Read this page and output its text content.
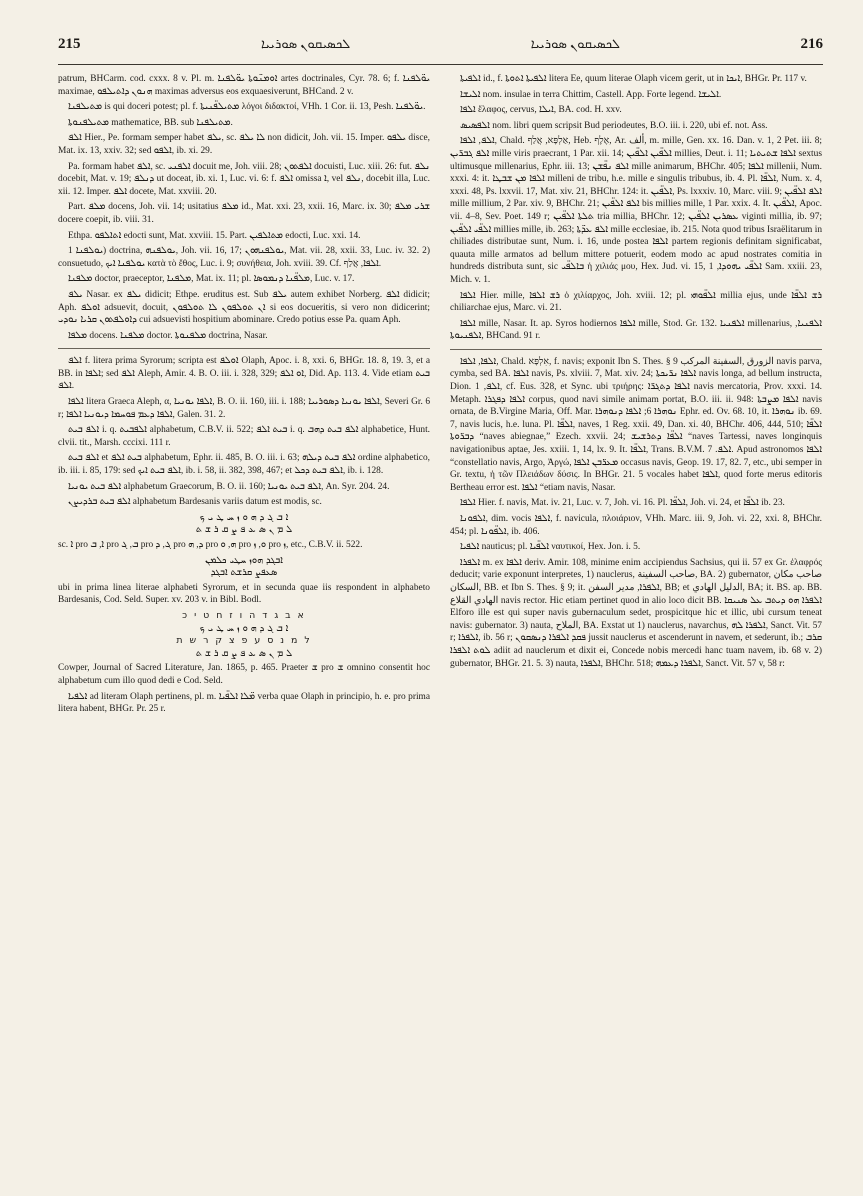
215	ܠܟܣܝܩܘܢ ܣܘܪܝܝܐ	ܠܟܣܝܩܘܢ ܣܘܪܝܝܐ	216

patrum, BHCarm. cod. cxxx. 8 v. Pl. m. ܐܘܡܢ̈ܘܬܐ ܝܘ̈ܠܦܢܐ artes doctrinales, Cyr. 78. 6; f. ܝܘ̈ܠܦܢܐ maximae, ܗܢܘܢ ܕܐܬܝܠܦܘ maximas adversus eos exquaesiverunt, BHCand. 2 v.

ܡܬܝܠܦܢܐ is qui doceri potest; pl. f. ܡܬܝܠܦ̈ܢܝܬܐ λόγοι διδακτοί, VHh. 1 Cor. ii. 13, Pesh. ܝܘ̈ܠܦܢܐ.

ܡܬܝܠܦܢܘܬܐ mathematice, BB. sub ܡܬܝܠܦܢܐ.

ܐܠܦ Hier., Pe. formam semper habet ܝܠܦ, sc. ܠܐ ܝܠܦ non didicit, Joh. vii. 15. Imper. ܝܠܦܘ disce, Mat. ix. 13, xxiv. 32; sed ܐܠܦܘ, ib. xi. 29.

Pa. formam habet ܐܠܦ, sc. ܐܠܦܢܝ docuit me, Joh. viii. 28; ܐܠܦܬܘܢ docuisti, Luc. xiii. 26: fut. ܢܠܦ docebit, Mat. v. 19; ܕܢܠܦ ut doceat, ib. xi. 1, Luc. vi. 6: f. ܐܠܦ omissa ܐ, vel ܢܠܦ, docebit illa, Luc. xii. 12. Imper. ܐܠܦ docete, Mat. xxviii. 20.

Part. ܡܠܦ docens, Joh. vii. 14; usitatius ܡܠܦ id., Mat. xxi. 23, xxii. 16, Marc. ix. 30; ܫܪܝ ܡܠܦ docere coepit, ib. viii. 31.

Ethpa. ܐܬܐܠܦܘ edocti sunt, Mat. xxviii. 15. Part. ܡܬܐܠܦܝܢ edocti, Luc. xxi. 14.

ܝܘܠܦܢܐ 1) doctrina, ܝܘܠܦܢܗ, Joh. vii. 16, 17; ܝܘܠܦܢܗܘܢ, Mat. vii. 28, xxii. 33, Luc. iv. 32. 2) consuetudo, ܝܘܠܦܢܐ ܐܝܟ κατὰ τὸ ἔθος, Luc. i. 9; συνήθεια, Joh. xviii. 39. Cf. ܐܠܦܐ, אֲלַף.

ܡܠܦܢܐ doctor, praeceptor, ܡܠܦܢܐ, Mat. ix. 11; pl. ܡܠܦ̈ܢܐ ܕܢܡܘܣܐ, Luc. v. 17.

ܝܠܦ Nasar. ex ܝܠܦ didicit; Ethpe. eruditus est. Sub ܝܠܦ autem exhibet Norberg. ܐܠܦ didicit; Aph. ܐܘܠܦ adsuevit, docuit, ܐܢ ܬܘܠܦܘܢ ܠܐ ܬܘܠܦܘܢ si eos docueritis, si vero non didicerint; ܕܐܘܠܦܬܘܢ ܩܪܝܐ ܢܘܕܝ cui adsuevisti hospitium abominare. Credo potius esse Pa. quam Aph.

ܡܠܦܐ docens. ܡܠܦܢܐ doctor. ܡܠܦܢܘܬܐ doctrina, Nasar.

ܐܠܦ f. litera prima Syrorum; scripta est ܐܘܠܦ Olaph, Apoc. i. 8, xxi. 6, BHGr. 18. 8, 19. 3, et a BB. in ܐܠܦܐ; sed ܐܠܦ Aleph, Amir. 4. B. O. iii. i. 328, 329; ܐܘ ܐܠܦ, Did. Ap. 113. 4. Vide etiam ܒܝܬ ܐܠܦ.

ܐܠܦܐ litera Graeca Aleph, α, ܐܠܦܐ ܝܘܢܝܐ, B. O. ii. 160, iii. i. 188; ܐܠܦܐ ܝܘܢܝܐ ܕܣܘܪܝܝܐ, Severi Gr. 6 r; ܐܠܦܐ ܕܥܡ ܦܘܚܡܐ ܕܝܘܢܝܐ ܐܠܦܐ, Galen. 31. 2.

ܐܠܦ ܒܝܬ i. q. ܐܠܦܒܝܬ alphabetum, C.B.V. ii. 522; ܒܝܬ ܐܠܦ i. q. ܐܠܦ ܒܝܬ ܕܗܒ alphabetice, Hunt. clvii. tit., Marsh. cccixi. 111 r.

ܐܠܦ ܒܝܬ et ܒܝܬ ܐܠܦ alphabetum, Ephr. ii. 485, B. O. iii. i. 63; ܐܠܦ ܒܝܬ ܕܝܠܗ ordine alphabetico, ib. iii. i. 85, 179: sed ܐܠܦ ܒܝܬ ܐܝܟ, ib. i. 58, ii. 382, 398, 467; et ܐܠܦ ܒܝܬ ܕܟܠ, ib. i. 128.

ܐܠܦ ܒܝܬ ܝܘܢܝܐ alphabetum Graecorum, B. O. ii. 160; ܐܠܦ ܒܝܬ ܝܘܢܝܐ, An. Syr. 204. 24.

ܐܠܦ ܒܝܬ ܒܪܕܝܨܢ alphabetum Bardesanis variis datum est modis, sc.

ܐ ܒ ܓ ܕ ܗ ܘ ܙ ܚ ܛ ܝ ܟ
ܠ ܡ ܢ ܣ ܥ ܦ ܨ ܩ ܪ ܫ ܬ

sc. ܐ pro ܐ, ܒ pro ܒ, ܓ pro ܓ, ܕ pro ܕ, ܗ pro ܗ, ܘ pro ܘ, ܙ pro ܙ, etc., C.B.V. ii. 522.

ܐܒܓܕ ܗܘܙ ܚܛܝ ܟܠܡܢ
ܣܥܦܨ ܩܪܫܬ ܐܒܓܕ

ubi in prima linea literae alphabeti Syrorum, et in secunda quae iis respondent in alphabeto Bardesanis, Cod. Seld. Super. xv. 203 v. in Bibl. Bodl.

א ב ג ד ה ו ז ח ט י כ
ܐ ܒ ܓ ܕ ܗ ܘ ܙ ܚ ܛ ܝ ܟ
ל מ נ ס ע פ צ ק ר ש ת
ܠ ܡ ܢ ܣ ܥ ܦ ܨ ܩ ܪ ܫ ܬ

Cowper, Journal of Sacred Literature, Jan. 1865, p. 465. Praeter ܫ pro ܫ omnino consentit hoc alphabetum cum illo quod dedi e Cod. Seld.

ܐܠܦܝܐ ad literam Olaph pertinens, pl. m. ܡ̈ܠܐ ܐܠܦ̈ܝܐ verba quae Olaph in principio, h. e. pro prima litera habent, BHGr. Pr. 25 r.

ܐܠܦܝܬܐ id., f. ܐܠܦܝܬܐ ܐܬܘܬܐ litera Ee, quum literae Olaph vicem gerit, ut in ܐܝܟܐ, BHGr. Pr. 117 v.

ܐܠܝܫܐ nom. insulae in terra Chittim, Castell. App. Forte legend. ܐܠܝܫܐ.

ܐܠܦܐ ἔλαφος, cervus, ܐܝܠܐ, BA. cod. H. xxv.

ܐܠܦܣܝܣ nom. libri quem scripsit Bud periodeutes, B.O. iii. i. 220, ubi ef. not. Ass.

ܐܠܦ, ܐܠܦܐ, Chald. אַלְפָּא, אֲלַף, Heb. אֶלֶף, Ar. ألف, m. mille, Gen. xx. 16. Dan. v. 1, 2 Pet. iii. 8; ܐܠܦ ܓܒܪ̈ܝܢ mille viris praecrant, 1 Par. xii. 14; ܐܠܦ̈ܝܢ ܐܠܦ̈ܝܢ millies, Deut. i. 11; ܐܠܦܐ ܫܬܝܬܝܐ sextus ultimusque millenarius, Ephr. iii. 13; ܐܠܦ ܢܦ̈ܫܢ mille animarum, BHChr. 405; ܐܠܦܐ millenii, Num. xxxi. 4: it. ܐܠܦܐ ܡܢ ܫܒܛܐ milleni de tribu, h.e. mille e singulis tribubus, ib. 4. Pl. ܐܠܦ̈ܐ, Num. x. 4, xxxi. 48, Ps. lxxvii. 17, Mat. xiv. 21, BHChr. 124: it. ܐܠܦ̈ܝܢ, Ps. lxxxiv. 10, Marc. viii. 9; ܐܠܦ ܐܠܦ̈ܝܢ mille millium, 2 Par. xiv. 9, BHChr. 21; ܐܠܦ ܐܠܦ̈ܝܢ bis millies mille, 1 Par. xxix. 4. It. ܐܠܦ̈ܝܢ, Apoc. vii. 4–8, Sev. Poet. 149 r; ܬܠܬܐ ܐܠܦ̈ܝܢ tria millia, BHChr. 12; ܥܣܪܝܢ ܐܠܦ̈ܝܢ viginti millia, ib. 97; ܐܠܦ̈ܝ ܐܠܦ̈ܝܢ millies mille, ib. 263; ܐܠܦ ܥܕ̈ܬܐ mille ecclesiae, ib. 215. Nota quod tribus Israëlitarum in chiliades distributae sunt, Num. i. 16, unde postea ܐܠܦܐ partem regionis definitam significabat, quauta mille armatos ad bellum mittere potuerit, eodem modo ac apud nostrates comitia in hundreds distributa sunt, sic ܒܐܠܦ̈ܝ ἡ χιλιάς μου, Hex. Jud. vi. 15, ܐܠܦ̈ܝ ܝܗܘܕܐ, 1 Sam. xxiii. 23, Mich. v. 1.

ܐܠܦܐ Hier. mille, ܪܫ ܐܠܦܐ ὁ χιλίαρχος, Joh. xviii. 12; pl. ܐܠܦ̈ܘܗܝ millia ejus, unde ܪܫ ܐܠܦ̈ܐ chiliarchae ejus, Marc. vi. 21.

ܐܠܦܐ mille, Nasar. It. ap. Syros hodiernos ܐܠܦܐ mille, Stod. Gr. 132. ܐܠܦܢܝܐ millenarius, ܐܠܦܢܝܐ, ܐܠܦܢܝܘܬܐ, BHCand. 91 r.

ܐܠܦܐ, ܐܠܦܐ, Chald. אִלְפָּא, f. navis; exponit Ibn S. Thes. § 9 الزورق ,السفينة المركب navis parva, cymba, sed BA. ܐܠܦܐ navis, Ps. xlviii. 7, Mat. xiv. 24; ܐܠܦܐ ܢܪ̈ܝܟܬܐ navis longa, ad bellum instructa, Dion. ܐܠܦ, 1, cf. Eus. 328, et Sync. ubi τριήρης: ܐܠܦܐ ܕܬܓܪ̈ܐ navis mercatoria, Prov. xxxi. 14. Metaph. ܐܠܦܐ ܕܦܓܪܐ corpus, quod navi simile animam portat, B.O. iii. ii. 948: ܐܠܦܐ ܡܨܒܬܐ navis ornata, de B.Virgine Maria, Off. Mar. ܢܘܗܪܐ 6; ܐܠܦܐ ܕܢܘܗܪܐ Ephr. ed. Ov. 68. 10, it. ܢܘܗܪܐ ib. 69. 7, navis lucis, h.e. luna. Pl. ܐܠܦ̈ܐ, naves, 1 Reg. xxii. 49, Dan. xi. 40, BHChr. 406, 444, 510; ܐܠܦ̈ܐ ܕܒܪ̈ܘܬܐ “naves abiegnae,” Ezech. xxvii. 24; ܐܠܦ̈ܐ ܕܬܪܫܝܫ “naves Tartessi, naves longinquis navigationibus aptae, Jes. xxiii. 1, 14, lx. 9. It. ܐܠܦ̈ܐ, Trans. B.V.M. ܐܠܦ. 7. Apud astronomos ܐܠܦܐ “constellatio navis, Argo, Ἀργώ, ܡܥܪ̈ܒܢ ܐܠܦܐ occasus navis, Geop. 19. 17, 82. 7, etc., ubi semper in Gr. textu, ἡ τῶν Πλειάδων δύσις. In BHGr. 21. 5 vocales habet ܐܠܦܐ, quod forte merus editoris Bertheau error est. ܐܠܦܐ “etiam navis, Nasar.

ܐܠܦܐ Hier. f. navis, Mat. iv. 21, Luc. v. 7, Joh. vi. 16. Pl. ܐܠܦ̈ܐ, Joh. vi. 24, et ܐܠܦ̈ܐ ib. 23.

ܐܠܦܘܢܐ, dim. vocis ܐܠܦܐ, f. navicula, πλοιάριον, VHh. Marc. iii. 9, Joh. vi. 22, xxi. 8, BHChr. 454; pl. ܐܠܦ̈ܘܢܐ, ib. 406.

ܐܠܦܝܐ nauticus; pl. ܐܠܦ̈ܝܐ ναυτικοί, Hex. Jon. i. 5.

ܐܠܦܪܐ m. ex ܐܠܦܐ deriv. Amir. 108, minime enim accipiendus Sachsius, qui ii. 57 ex Gr. ἐλαφρός deducit; varie exponunt interpretes, 1) nauclerus, صاحب السفينة, BA. 2) gubernator, صاحب مكان السكان, BB. et Ibn S. Thes. § 9; it. ܐܠܦܪܐ, مدير السفن, BB; et الدليل الهادي, BA; it. BS. ap. BB. الهادي القلاع navis rector. Hic etiam pertinet quod in alio loco dicit BB. ܐܠܦܪܐ ܗܘ ܕܝܬܒ ܥܠ ܣܢܝܩܐ Elforo ille est qui super navis gubernaculum sedet, prospicitque hic et illic, ubi cursum teneat navis: gubernator. 3) nauta, الملاح, BA. Exstat ut 1) nauclerus, navarchus, ܐܠܦܪܐ ܠܗ, Sanct. Vit. 57 r; ܐܠܦܪܐ, ib. 56 r; ܦܩܕ ܐܠܦܪܐ ܕܢܣܩܘܢ jussit nauclerus et ascenderunt in navem, et sederunt, ib.; ܩܪܒ ܠܘܬ ܐܠܦܪܐ adiit ad nauclerum et dixit ei, Concede nobis mercedi hanc tuam navem, ib. 68 v. 2) gubernator, BHGr. 21. 5. 3) nauta, ܐܠܦܪܐ, BHChr. 518; ܐܠܦܪܐ ܕܥܡܗ, Sanct. Vit. 57 v, 58 r:
